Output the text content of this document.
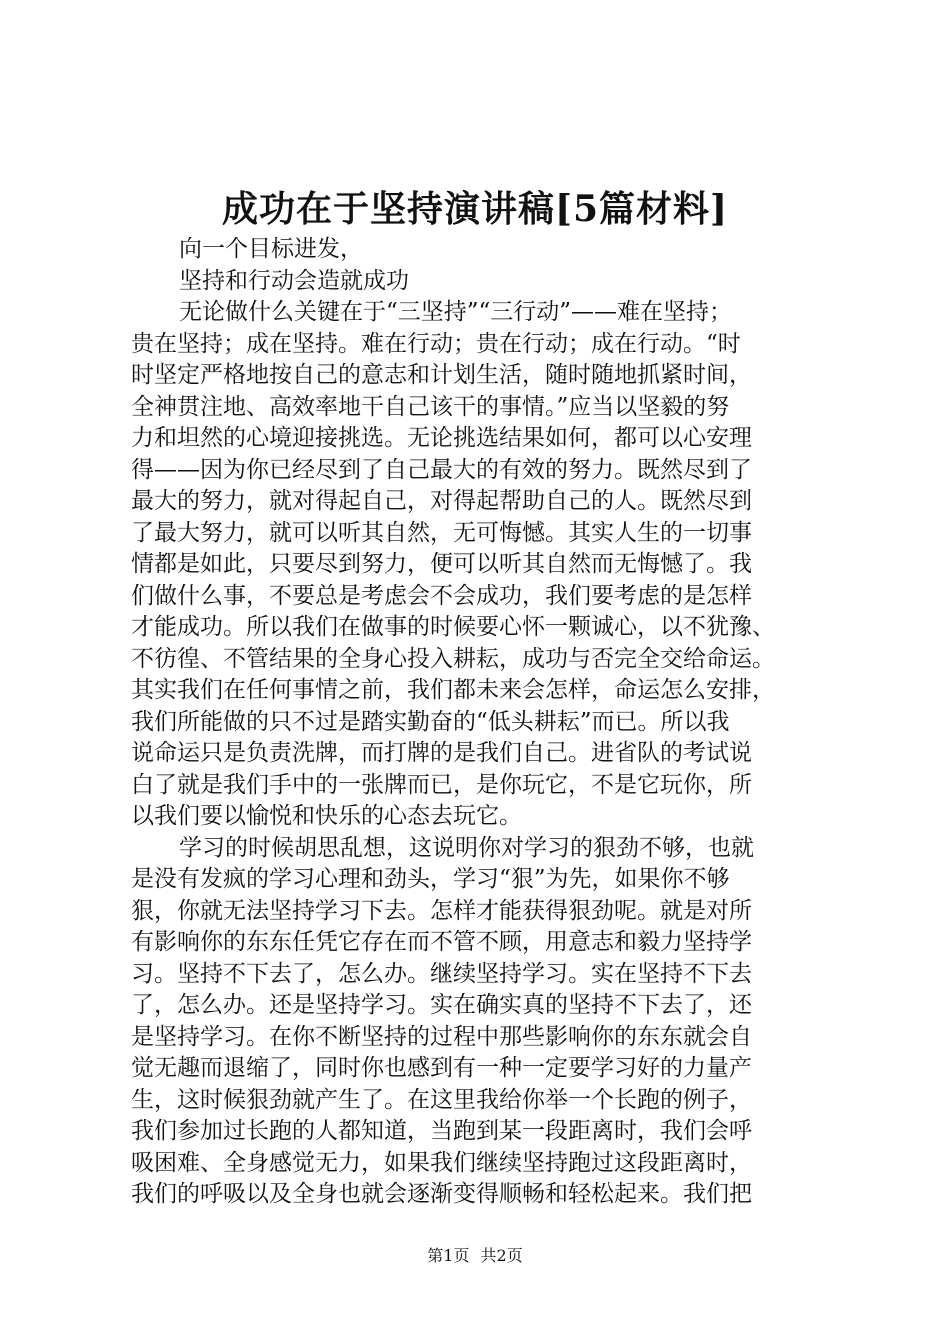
成功在于坚持演讲稿[5篇材料]

向一个目标进发，

坚持和行动会造就成功

无论做什么关键在于“三坚持”“三行动”——难在坚持；

贵在坚持；成在坚持。难在行动；贵在行动；成在行动。“时

时坚定严格地按自己的意志和计划生活，随时随地抓紧时间，

全神贯注地、高效率地干自己该干的事情。”应当以坚毅的努

力和坦然的心境迎接挑选。无论挑选结果如何，都可以心安理

得——因为你已经尽到了自己最大的有效的努力。既然尽到了

最大的努力，就对得起自己，对得起帮助自己的人。既然尽到

了最大努力，就可以听其自然，无可悔憾。其实人生的一切事

情都是如此，只要尽到努力，便可以听其自然而无悔憾了。我

们做什么事，不要总是考虑会不会成功，我们要考虑的是怎样

才能成功。所以我们在做事的时候要心怀一颗诚心，以不犹豫、

不彷徨、不管结果的全身心投入耕耘，成功与否完全交给命运。

其实我们在任何事情之前，我们都未来会怎样，命运怎么安排，

我们所能做的只不过是踏实勤奋的“低头耕耘”而已。所以我

说命运只是负责洗牌，而打牌的是我们自己。进省队的考试说

白了就是我们手中的一张牌而已，是你玩它，不是它玩你，所

以我们要以愉悦和快乐的心态去玩它。

学习的时候胡思乱想，这说明你对学习的狠劲不够，也就

是没有发疯的学习心理和劲头，学习“狠”为先，如果你不够

狠，你就无法坚持学习下去。怎样才能获得狠劲呢。就是对所

有影响你的东东任凭它存在而不管不顾，用意志和毅力坚持学

习。坚持不下去了，怎么办。继续坚持学习。实在坚持不下去

了，怎么办。还是坚持学习。实在确实真的坚持不下去了，还

是坚持学习。在你不断坚持的过程中那些影响你的东东就会自

觉无趣而退缩了，同时你也感到有一种一定要学习好的力量产

生，这时候狠劲就产生了。在这里我给你举一个长跑的例子，

我们参加过长跑的人都知道，当跑到某一段距离时，我们会呼

吸困难、全身感觉无力，如果我们继续坚持跑过这段距离时，

我们的呼吸以及全身也就会逐渐变得顺畅和轻松起来。我们把

第1页 共2页
